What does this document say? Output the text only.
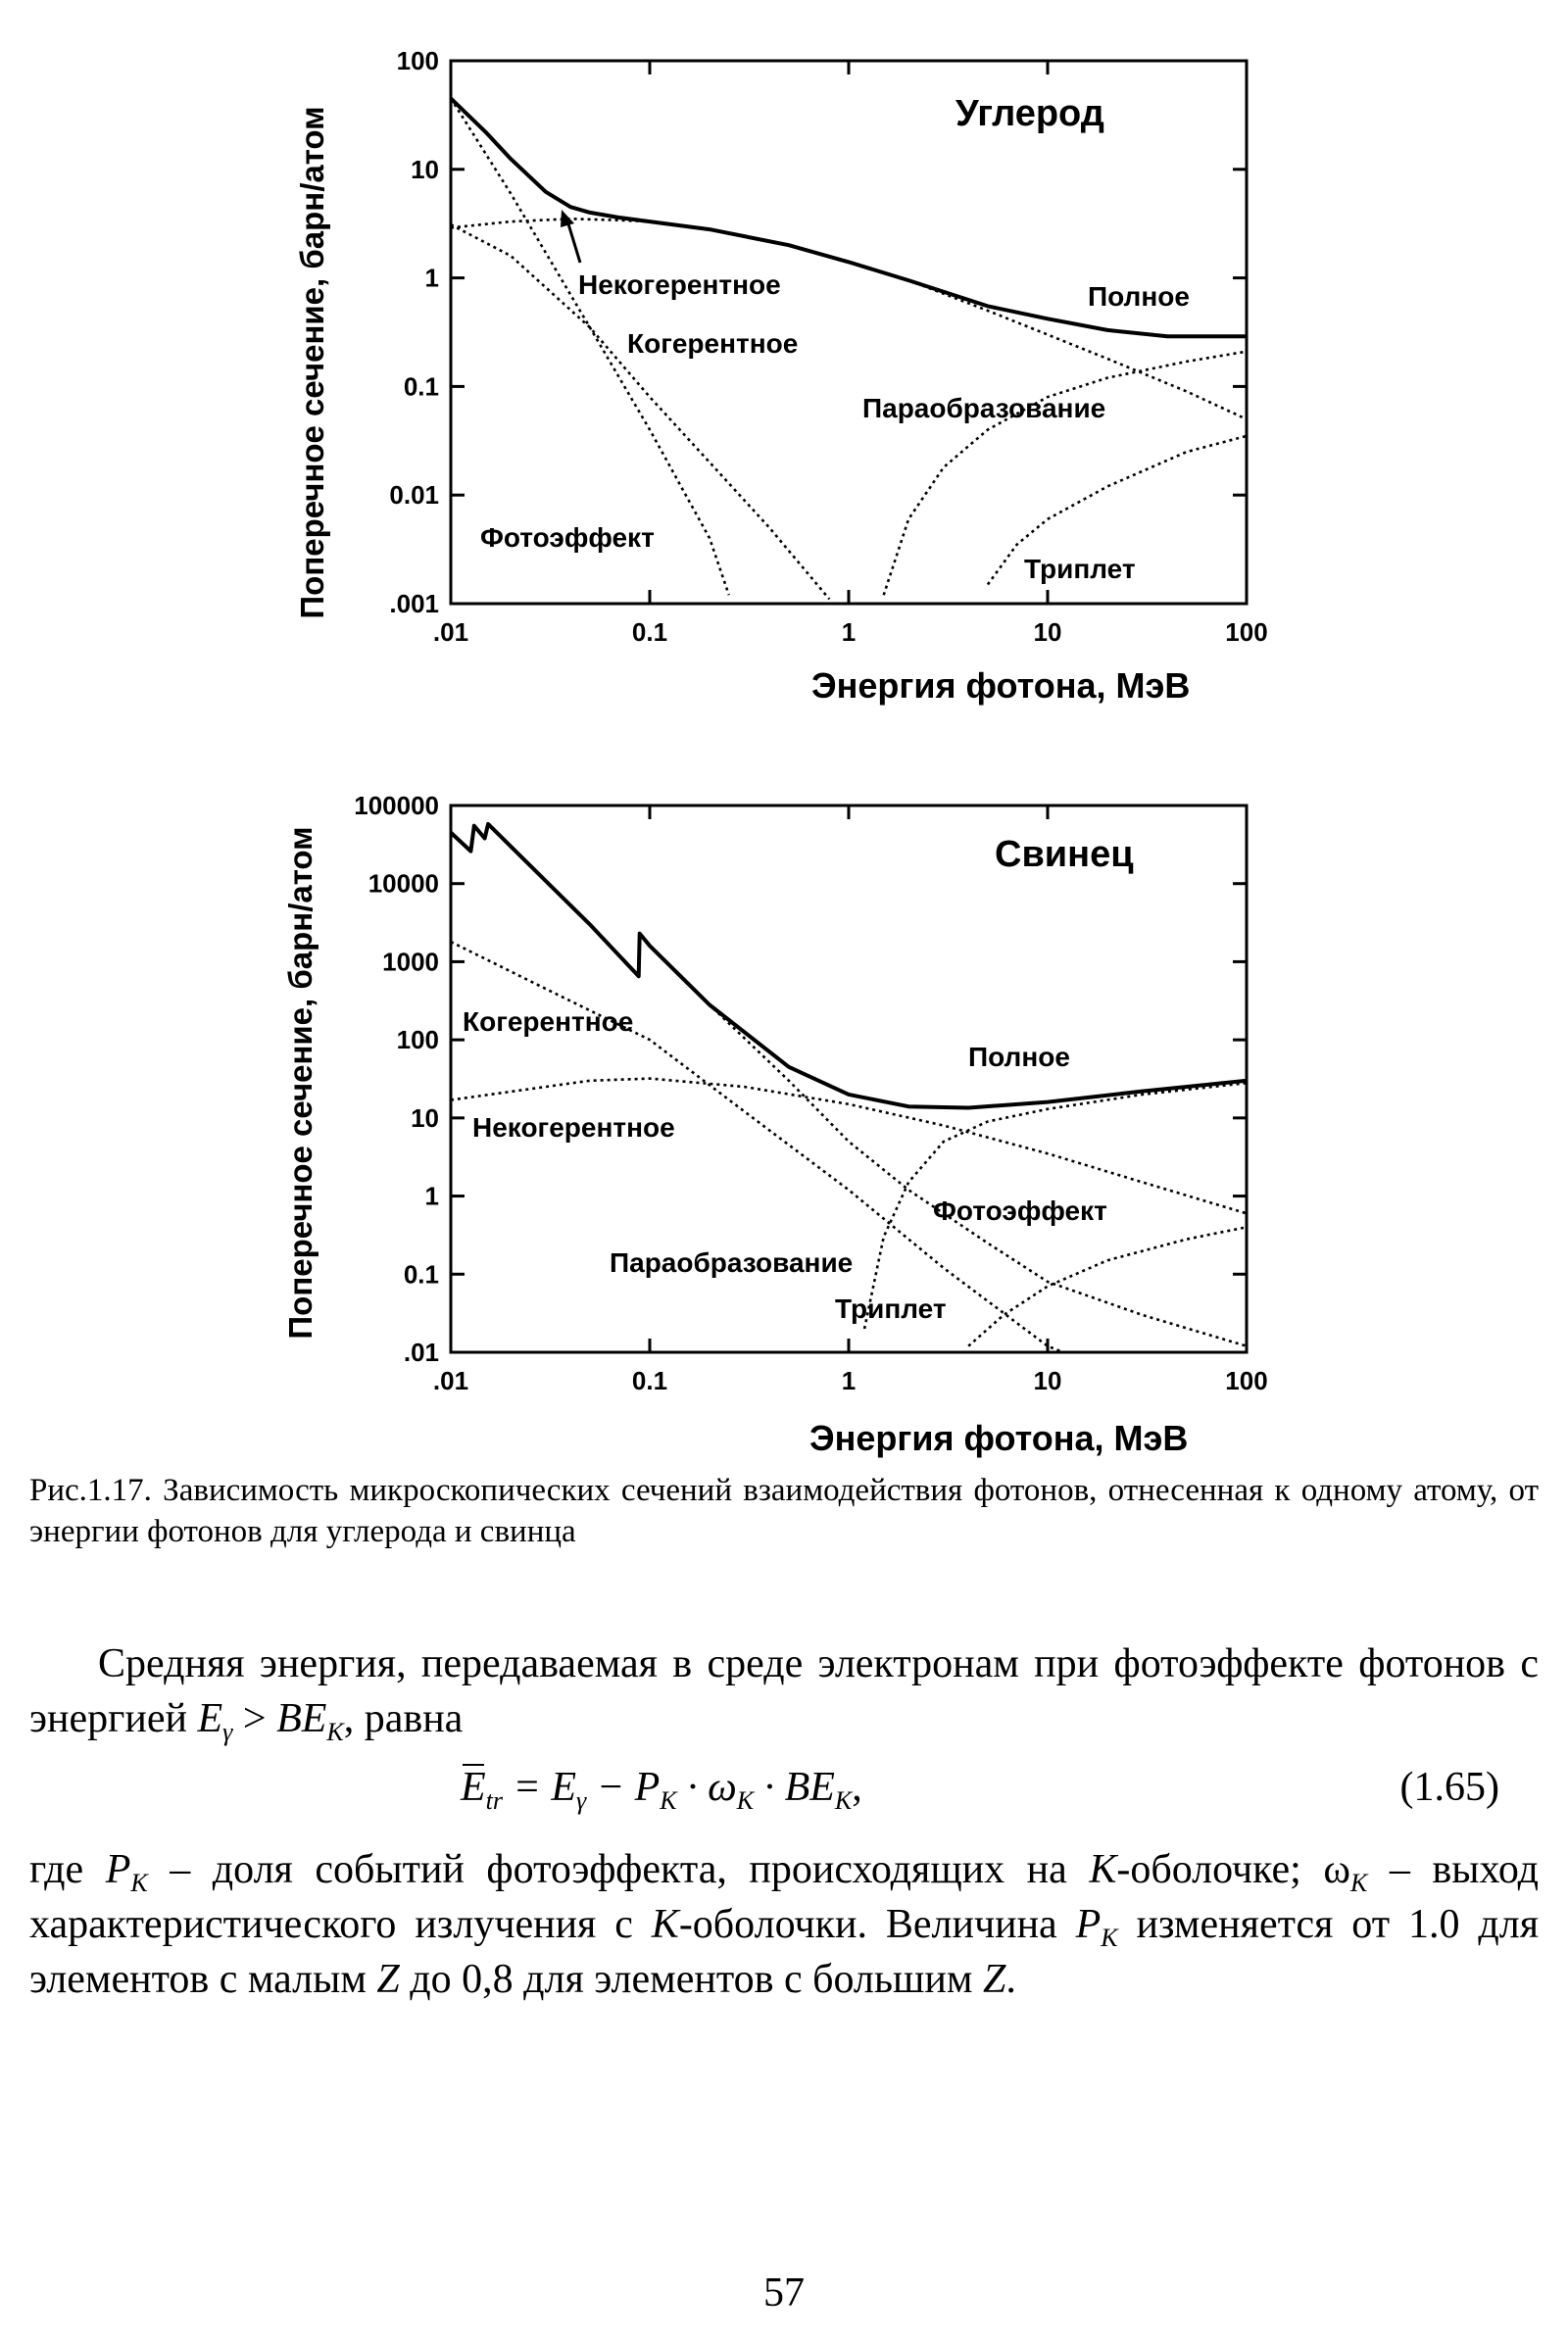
.01	0.1	1	10	100
.001
0.01
0.1
1
10
100
Углерод
Некогерентное
Когерентное
Полное
Параобразование
Фотоэффект
Триплет
Энергия фотона, МэВ
Поперечное сечение, барн/атом
.01	0.1	1	10	100
.01
0.1
1
10
100
1000
10000
100000
Свинец
Когерентное
Некогерентное
Полное
Фотоэффект
Параобразование
Триплет
Энергия фотона, МэВ
Поперечное сечение, барн/атом
Рис.1.17. Зависимость микроскопических сечений взаимодействия фотонов, отнесенная к одному атому, от энергии фотонов для углерода и свинца
Средняя энергия, передаваемая в среде электронам при фотоэффекте фотонов с энергией $E_\gamma > BE_K$, равна
$E_{tr} = E_\gamma - P_K \cdot \omega_K \cdot BE_K$,	(1.65)
где $P_K$ – доля событий фотоэффекта, происходящих на K-оболочке; $\omega_K$ – выход характеристического излучения с K-оболочки. Величина $P_K$ изменяется от 1.0 для элементов с малым Z до 0,8 для элементов с большим Z.
57
